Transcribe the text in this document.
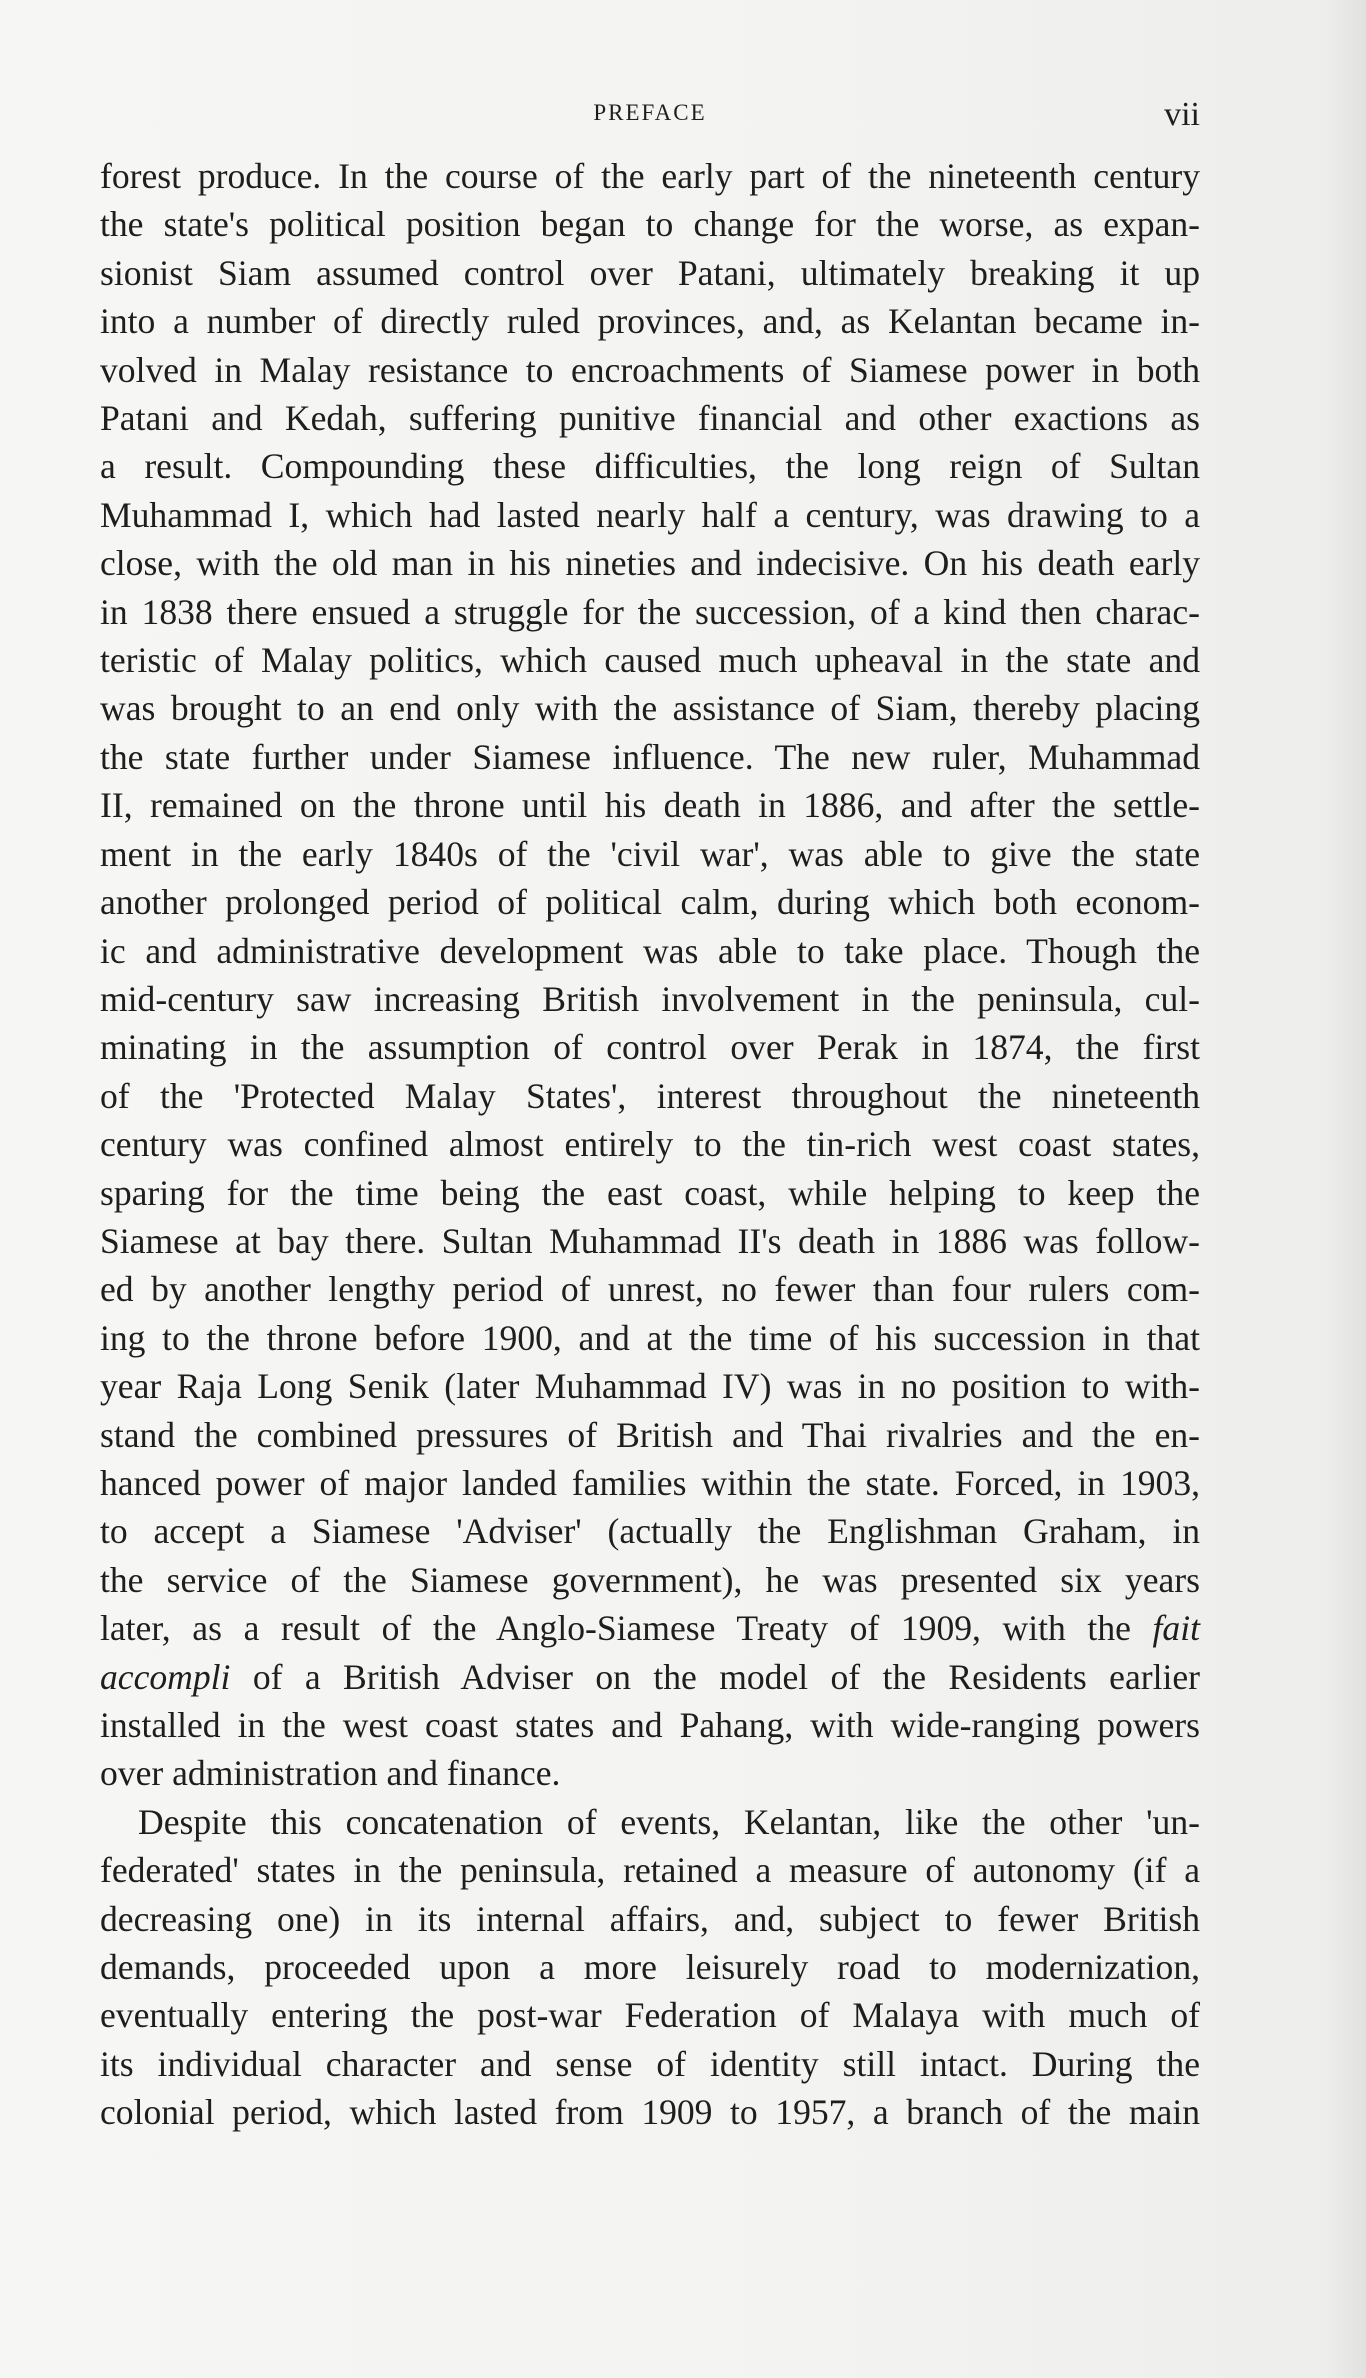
PREFACE	vii

forest produce. In the course of the early part of the nineteenth century
the state's political position began to change for the worse, as expan-
sionist Siam assumed control over Patani, ultimately breaking it up
into a number of directly ruled provinces, and, as Kelantan became in-
volved in Malay resistance to encroachments of Siamese power in both
Patani and Kedah, suffering punitive financial and other exactions as
a result. Compounding these difficulties, the long reign of Sultan
Muhammad I, which had lasted nearly half a century, was drawing to a
close, with the old man in his nineties and indecisive. On his death early
in 1838 there ensued a struggle for the succession, of a kind then charac-
teristic of Malay politics, which caused much upheaval in the state and
was brought to an end only with the assistance of Siam, thereby placing
the state further under Siamese influence. The new ruler, Muhammad
II, remained on the throne until his death in 1886, and after the settle-
ment in the early 1840s of the 'civil war', was able to give the state
another prolonged period of political calm, during which both econom-
ic and administrative development was able to take place. Though the
mid-century saw increasing British involvement in the peninsula, cul-
minating in the assumption of control over Perak in 1874, the first
of the 'Protected Malay States', interest throughout the nineteenth
century was confined almost entirely to the tin-rich west coast states,
sparing for the time being the east coast, while helping to keep the
Siamese at bay there. Sultan Muhammad II's death in 1886 was follow-
ed by another lengthy period of unrest, no fewer than four rulers com-
ing to the throne before 1900, and at the time of his succession in that
year Raja Long Senik (later Muhammad IV) was in no position to with-
stand the combined pressures of British and Thai rivalries and the en-
hanced power of major landed families within the state. Forced, in 1903,
to accept a Siamese 'Adviser' (actually the Englishman Graham, in
the service of the Siamese government), he was presented six years
later, as a result of the Anglo-Siamese Treaty of 1909, with the fait
accompli of a British Adviser on the model of the Residents earlier
installed in the west coast states and Pahang, with wide-ranging powers
over administration and finance.

Despite this concatenation of events, Kelantan, like the other 'un-
federated' states in the peninsula, retained a measure of autonomy (if a
decreasing one) in its internal affairs, and, subject to fewer British
demands, proceeded upon a more leisurely road to modernization,
eventually entering the post-war Federation of Malaya with much of
its individual character and sense of identity still intact. During the
colonial period, which lasted from 1909 to 1957, a branch of the main
